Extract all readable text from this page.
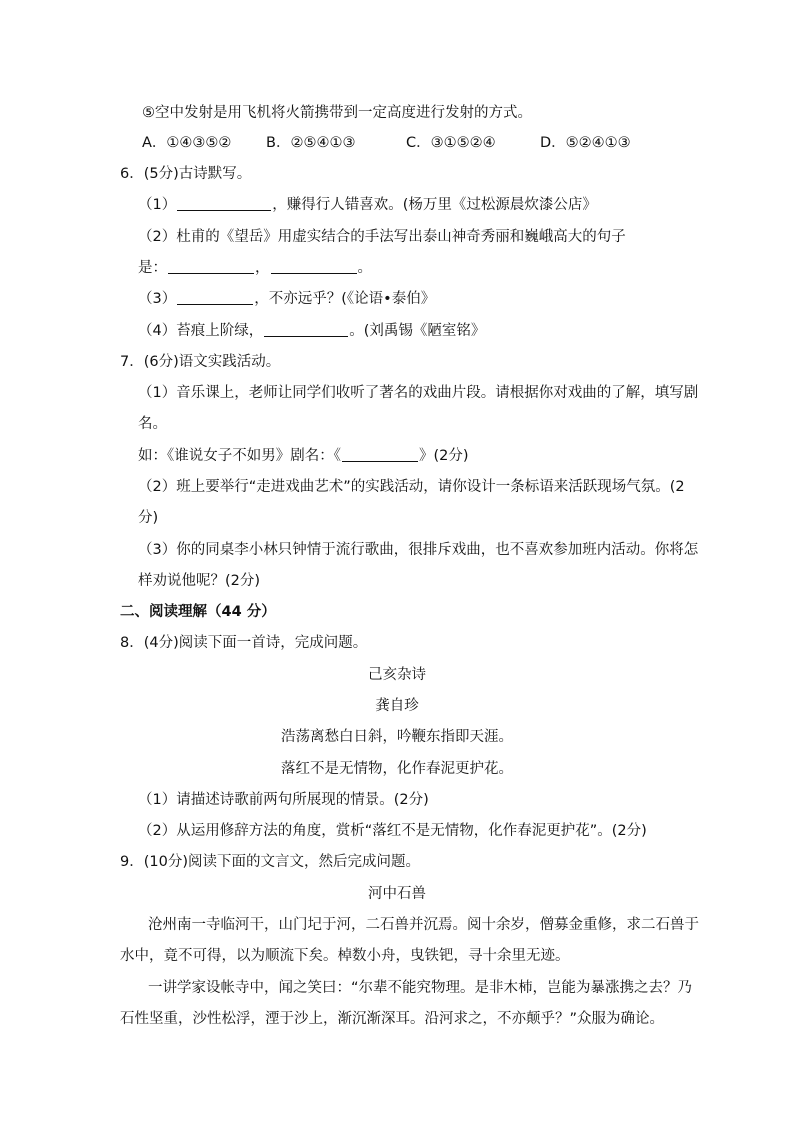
⑤空中发射是用飞机将火箭携带到一定高度进行发射的方式。
A．①④③⑤② B．②⑤④①③	C．③①⑤②④	D．⑤②④①③
6．(5分)古诗默写。
（1）	，赚得行人错喜欢。(杨万里《过松源晨炊漆公店》
（2）杜甫的《望岳》用虚实结合的手法写出泰山神奇秀丽和巍峨高大的句子
是：	，	。
（3）	，不亦远乎？(《论语•泰伯》
（4）苔痕上阶绿，	。(刘禹锡《陋室铭》
7．(6分)语文实践活动。
（1）音乐课上，老师让同学们收听了著名的戏曲片段。请根据你对戏曲的了解，填写剧
名。
如：《谁说女子不如男》剧名：《	》(2分)
（2）班上要举行“走进戏曲艺术”的实践活动，请你设计一条标语来活跃现场气氛。(2
分)
（3）你的同桌李小林只钟情于流行歌曲，很排斥戏曲，也不喜欢参加班内活动。你将怎
样劝说他呢？(2分)
二、阅读理解（44 分）
8．(4分)阅读下面一首诗，完成问题。
己亥杂诗
龚自珍
浩荡离愁白日斜，吟鞭东指即天涯。
落红不是无情物，化作春泥更护花。
（1）请描述诗歌前两句所展现的情景。(2分)
（2）从运用修辞方法的角度，赏析“落红不是无情物，化作春泥更护花”。(2分)
9．(10分)阅读下面的文言文，然后完成问题。
河中石兽
沧州南一寺临河干，山门圮于河，二石兽并沉焉。阅十余岁，僧募金重修，求二石兽于
水中，竟不可得，以为顺流下矣。棹数小舟，曳铁钯，寻十余里无迹。
一讲学家设帐寺中，闻之笑曰：“尔辈不能究物理。是非木杮，岂能为暴涨携之去？乃
石性坚重，沙性松浮，湮于沙上，渐沉渐深耳。沿河求之，不亦颠乎？”众服为确论。
